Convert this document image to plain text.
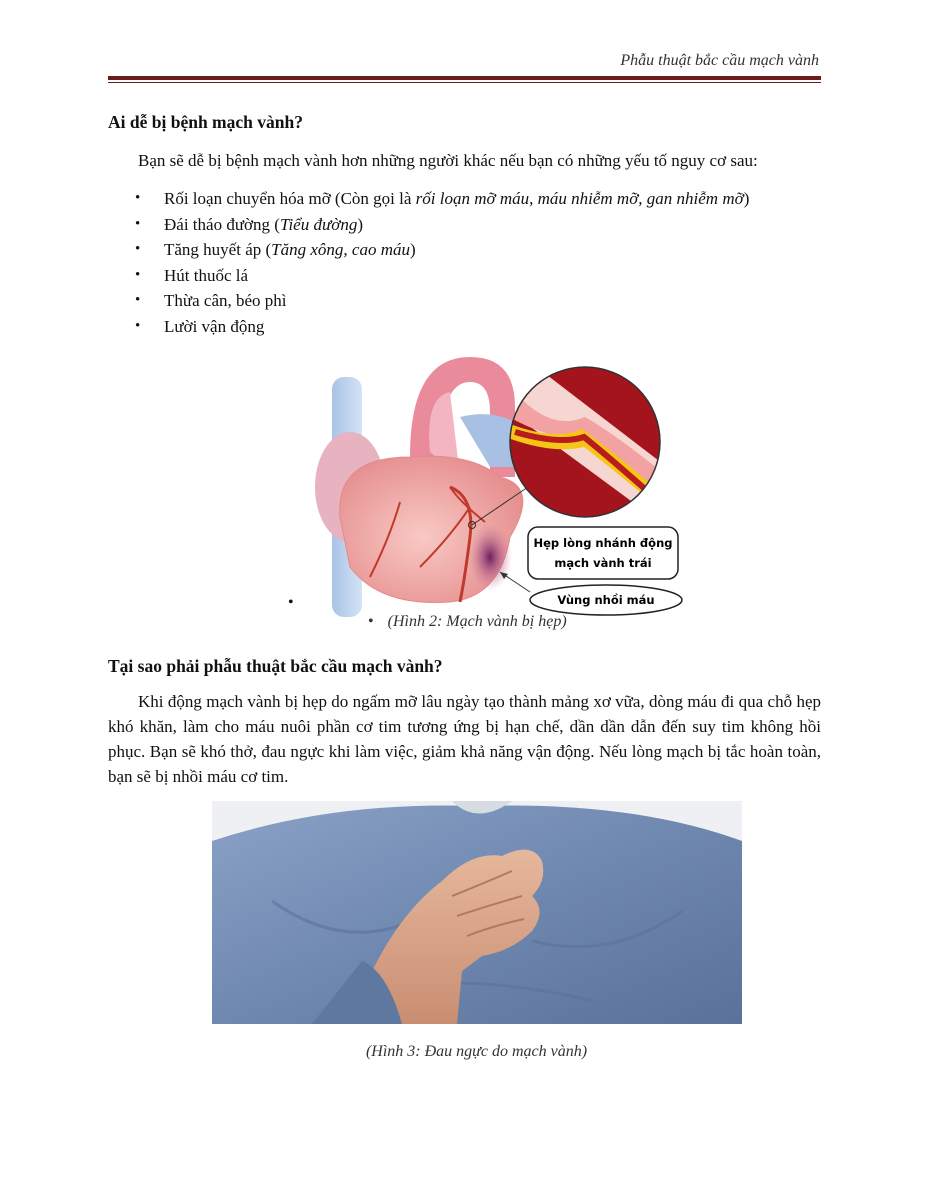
Phẫu thuật bắc cầu mạch vành
Ai dễ bị bệnh mạch vành?
Bạn sẽ dễ bị bệnh mạch vành hơn những người khác nếu bạn có những yếu tố nguy cơ sau:
• Rối loạn chuyển hóa mỡ (Còn gọi là rối loạn mỡ máu, máu nhiễm mỡ, gan nhiễm mỡ)
• Đái tháo đường (Tiểu đường)
• Tăng huyết áp (Tăng xông, cao máu)
• Hút thuốc lá
• Thừa cân, béo phì
• Lười vận động
Hẹp lòng nhánh động
mạch vành trái
Vùng nhồi máu
•
• (Hình 2: Mạch vành bị hẹp)
Tại sao phải phẫu thuật bắc cầu mạch vành?
Khi động mạch vành bị hẹp do ngấm mỡ lâu ngày tạo thành mảng xơ vữa, dòng máu đi qua chỗ hẹp khó khăn, làm cho máu nuôi phần cơ tim tương ứng bị hạn chế, dần dần dẫn đến suy tim không hồi phục. Bạn sẽ khó thở, đau ngực khi làm việc, giảm khả năng vận động. Nếu lòng mạch bị tắc hoàn toàn, bạn sẽ bị nhồi máu cơ tim.
(Hình 3: Đau ngực do mạch vành)
